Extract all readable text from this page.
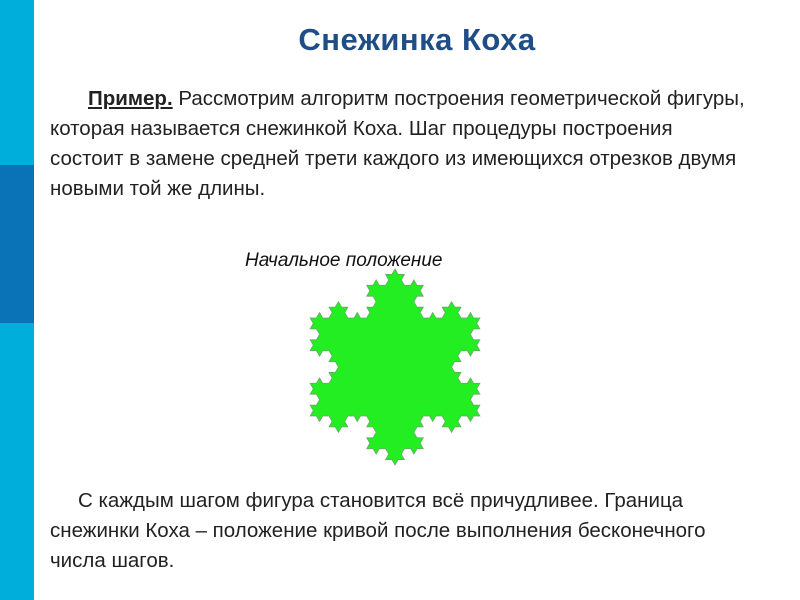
Снежинка Коха
Пример. Рассмотрим алгоритм построения геометрической фигуры, которая называется снежинкой Коха. Шаг процедуры построения состоит в замене средней трети каждого из имеющихся отрезков двумя новыми той же длины.
Начальное положение
С каждым шагом фигура становится всё причудливее. Граница снежинки Коха – положение кривой после выполнения бесконечного числа шагов.
